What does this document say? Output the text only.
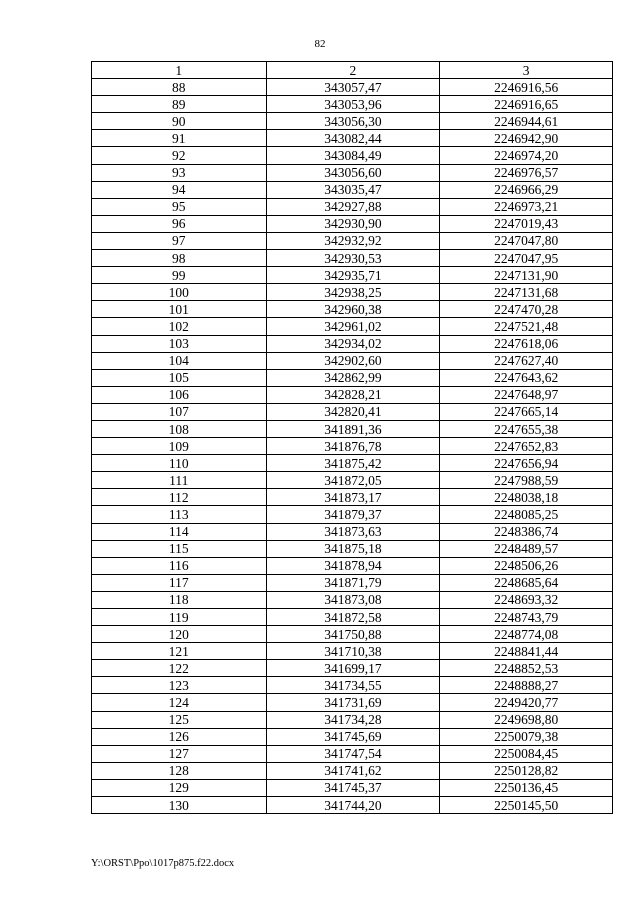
82
1	2	3
88	343057,47	2246916,56
89	343053,96	2246916,65
90	343056,30	2246944,61
91	343082,44	2246942,90
92	343084,49	2246974,20
93	343056,60	2246976,57
94	343035,47	2246966,29
95	342927,88	2246973,21
96	342930,90	2247019,43
97	342932,92	2247047,80
98	342930,53	2247047,95
99	342935,71	2247131,90
100	342938,25	2247131,68
101	342960,38	2247470,28
102	342961,02	2247521,48
103	342934,02	2247618,06
104	342902,60	2247627,40
105	342862,99	2247643,62
106	342828,21	2247648,97
107	342820,41	2247665,14
108	341891,36	2247655,38
109	341876,78	2247652,83
110	341875,42	2247656,94
111	341872,05	2247988,59
112	341873,17	2248038,18
113	341879,37	2248085,25
114	341873,63	2248386,74
115	341875,18	2248489,57
116	341878,94	2248506,26
117	341871,79	2248685,64
118	341873,08	2248693,32
119	341872,58	2248743,79
120	341750,88	2248774,08
121	341710,38	2248841,44
122	341699,17	2248852,53
123	341734,55	2248888,27
124	341731,69	2249420,77
125	341734,28	2249698,80
126	341745,69	2250079,38
127	341747,54	2250084,45
128	341741,62	2250128,82
129	341745,37	2250136,45
130	341744,20	2250145,50
Y:\ORST\Ppo\1017p875.f22.docx
